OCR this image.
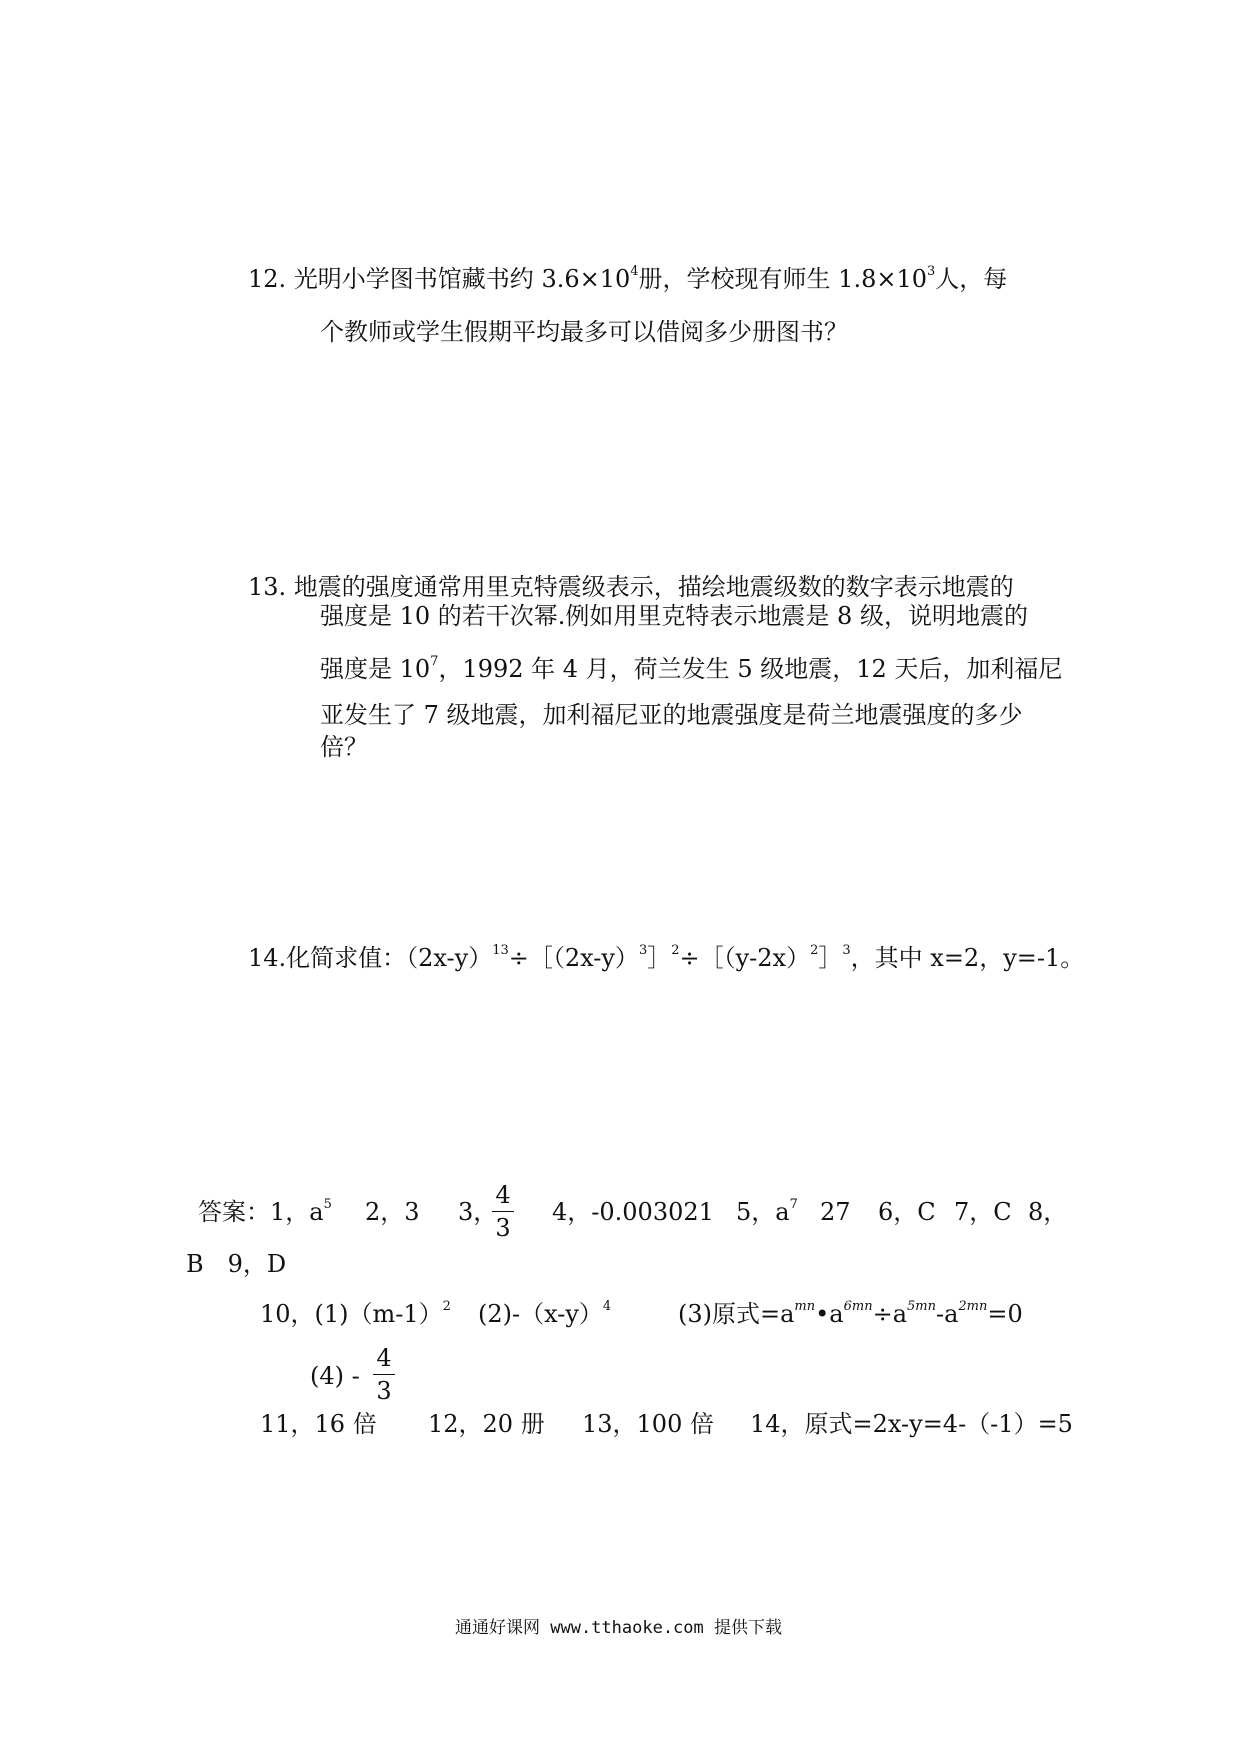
12. 光明小学图书馆藏书约 $3.6\times 10^4$册，学校现有师生 $1.8\times 10^3$人，每
个教师或学生假期平均最多可以借阅多少册图书？
13. 地震的强度通常用里克特震级表示，描绘地震级数的数字表示地震的
强度是 10 的若干次幂.例如用里克特表示地震是 8 级，说明地震的
强度是 $10^7$，1992 年 4 月，荷兰发生 5 级地震，12 天后，加利福尼
亚发生了 7 级地震，加利福尼亚的地震强度是荷兰地震强度的多少
倍？
14.化简求值：$(2x-y)^{13}\div[(2x-y)^3]^2\div[(y-2x)^2]^3$，其中 x=2，y=-1。
答案：1，$a^5$ 2，3 3，
4
3
4，-0.003021 5，$a^7$ 27 6，C 7，C 8，
B　9，D
10，$(1)(m-1)^2$ $(2)-(x-y)^4$	(3)原式$=a^{mn}•a^{6mn}\div a^{5mn}-a^{2mn}=0$
(4) -
4
3
11，16 倍 12，20 册 13，100 倍 14，原式=2x-y=4-（-1）=5
通通好课网 www.tthaoke.com 提供下载
